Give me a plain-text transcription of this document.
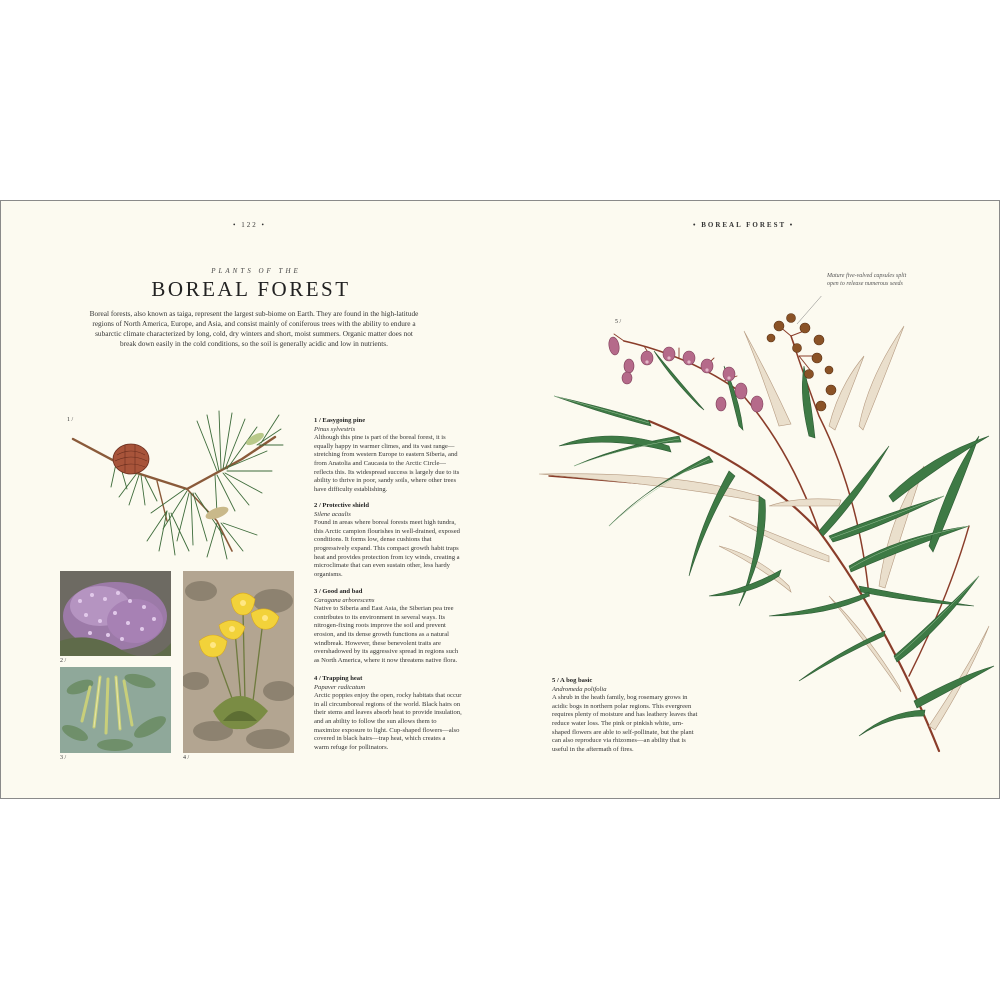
• 122 •	• BOREAL FOREST •
PLANTS OF THE
BOREAL FOREST
Boreal forests, also known as taiga, represent the largest sub-biome on Earth. They are found in the high-latitude regions of North America, Europe, and Asia, and consist mainly of coniferous trees with the ability to endure a subarctic climate characterized by long, cold, dry winters and short, moist summers. Organic matter does not break down easily in the cold conditions, so the soil is generally acidic and low in nutrients.
1 /
2 /
3 /	4 /
1 / Easygoing pine
Pinus sylvestris
Although this pine is part of the boreal forest, it is equally happy in warmer climes, and its vast range—stretching from western Europe to eastern Siberia, and from Anatolia and Caucasia to the Arctic Circle—reflects this. Its widespread success is largely due to its ability to thrive in poor, sandy soils, where other trees have difficulty establishing.
2 / Protective shield
Silene acaulis
Found in areas where boreal forests meet high tundra, this Arctic campion flourishes in well-drained, exposed conditions. It forms low, dense cushions that progressively expand. This compact growth habit traps heat and provides protection from icy winds, creating a microclimate that can even sustain other, less hardy organisms.
3 / Good and bad
Caragana arborescens
Native to Siberia and East Asia, the Siberian pea tree contributes to its environment in several ways. Its nitrogen-fixing roots improve the soil and prevent erosion, and its dense growth functions as a natural windbreak. However, these benevolent traits are overshadowed by its aggressive spread in regions such as North America, where it now threatens native flora.
4 / Trapping heat
Papaver radicatum
Arctic poppies enjoy the open, rocky habitats that occur in all circumboreal regions of the world. Black hairs on their stems and leaves absorb heat to provide insulation, and an ability to follow the sun allows them to maximize exposure to light. Cup-shaped flowers—also covered in black hairs—trap heat, which creates a warm refuge for pollinators.
5 /
Mature five-valved capsules split open to release numerous seeds
5 / A bog basic
Andromeda polifolia
A shrub in the heath family, bog rosemary grows in acidic bogs in northern polar regions. This evergreen requires plenty of moisture and has leathery leaves that reduce water loss. The pink or pinkish white, urn-shaped flowers are able to self-pollinate, but the plant can also reproduce via rhizomes—an ability that is useful in the aftermath of fires.
